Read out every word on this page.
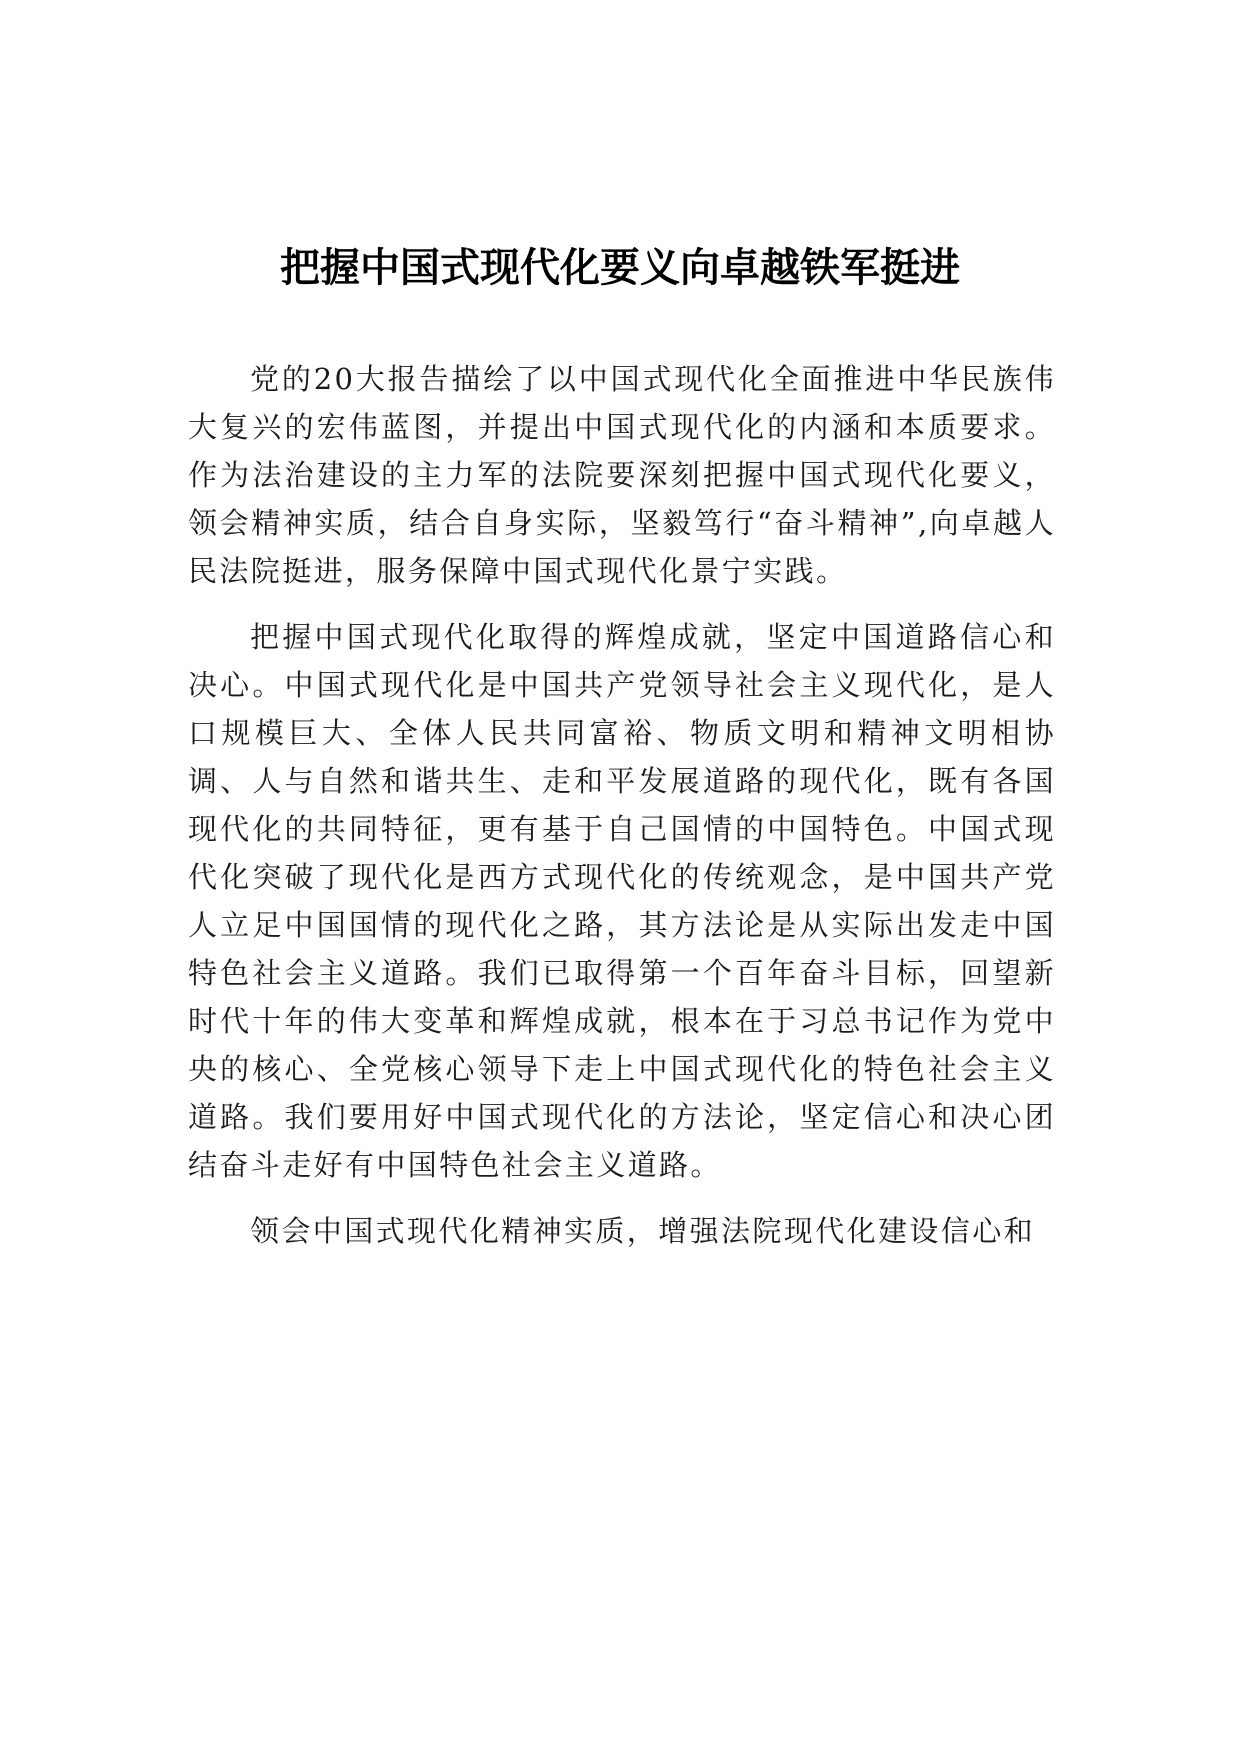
把握中国式现代化要义向卓越铁军挺进

党的20大报告描绘了以中国式现代化全面推进中华民族伟大复兴的宏伟蓝图，并提出中国式现代化的内涵和本质要求。作为法治建设的主力军的法院要深刻把握中国式现代化要义，领会精神实质，结合自身实际，坚毅笃行“奋斗精神”,向卓越人民法院挺进，服务保障中国式现代化景宁实践。

把握中国式现代化取得的辉煌成就，坚定中国道路信心和决心。中国式现代化是中国共产党领导社会主义现代化，是人口规模巨大、全体人民共同富裕、物质文明和精神文明相协调、人与自然和谐共生、走和平发展道路的现代化，既有各国现代化的共同特征，更有基于自己国情的中国特色。中国式现代化突破了现代化是西方式现代化的传统观念，是中国共产党人立足中国国情的现代化之路，其方法论是从实际出发走中国特色社会主义道路。我们已取得第一个百年奋斗目标，回望新时代十年的伟大变革和辉煌成就，根本在于习总书记作为党中央的核心、全党核心领导下走上中国式现代化的特色社会主义道路。我们要用好中国式现代化的方法论，坚定信心和决心团结奋斗走好有中国特色社会主义道路。

领会中国式现代化精神实质，增强法院现代化建设信心和
